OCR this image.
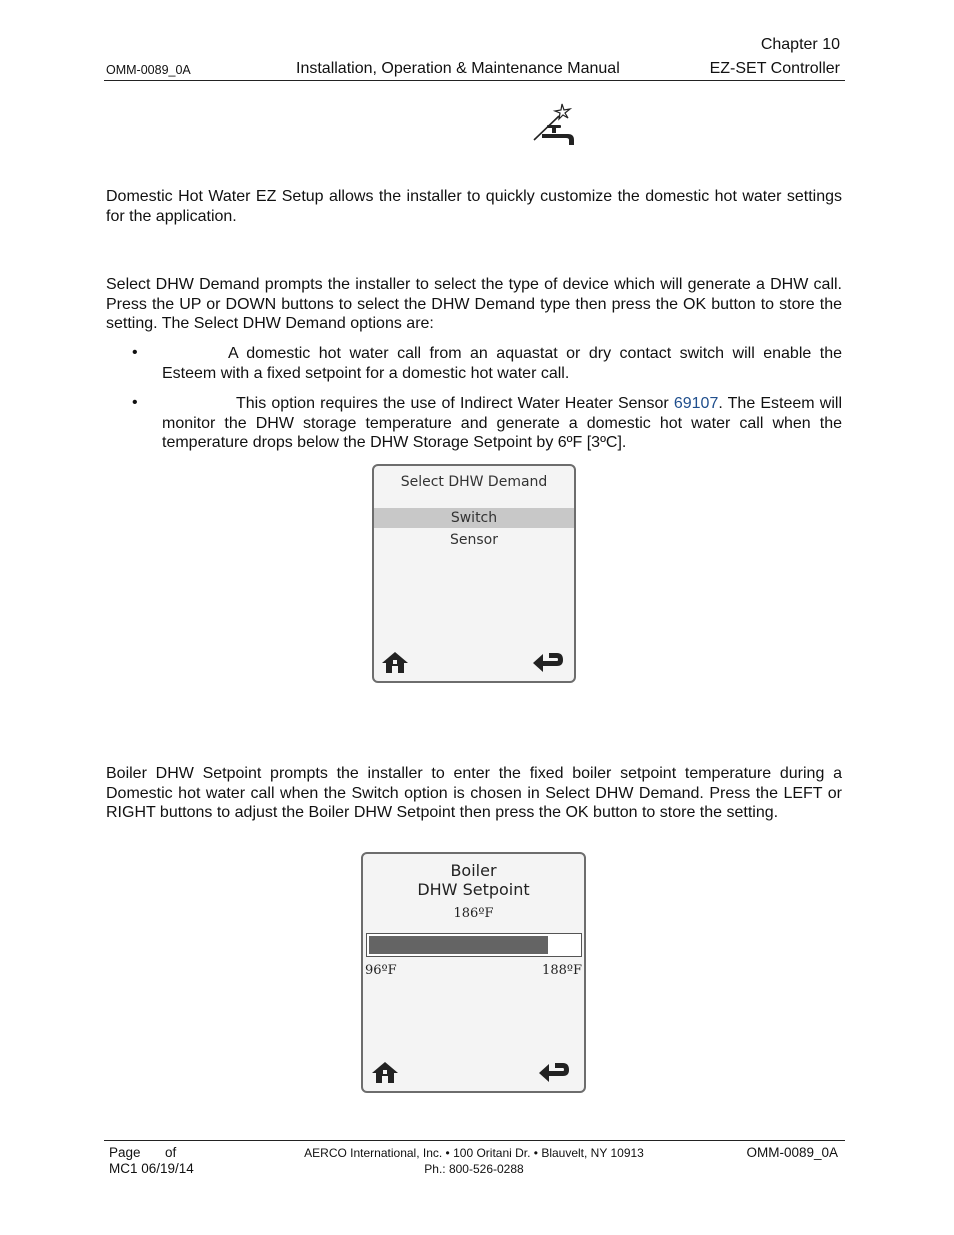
Chapter 10
OMM-0089_0A	Installation, Operation & Maintenance Manual	EZ-SET Controller
Domestic Hot Water EZ Setup allows the installer to quickly customize the domestic hot water settings for the application.
Select DHW Demand prompts the installer to select the type of device which will generate a DHW call. Press the UP or DOWN buttons to select the DHW Demand type then press the OK button to store the setting. The Select DHW Demand options are:
•	A domestic hot water call from an aquastat or dry contact switch will enable the Esteem with a fixed setpoint for a domestic hot water call.
•	This option requires the use of Indirect Water Heater Sensor 69107. The Esteem will monitor the DHW storage temperature and generate a domestic hot water call when the temperature drops below the DHW Storage Setpoint by 6ºF [3ºC].
Select DHW Demand
Switch
Sensor
Boiler DHW Setpoint prompts the installer to enter the fixed boiler setpoint temperature during a Domestic hot water call when the Switch option is chosen in Select DHW Demand. Press the LEFT or RIGHT buttons to adjust the Boiler DHW Setpoint then press the OK button to store the setting.
Boiler
DHW Setpoint
186ºF
96ºF	188ºF
Page of
MC1 06/19/14
AERCO International, Inc. • 100 Oritani Dr. • Blauvelt, NY 10913
Ph.: 800-526-0288
OMM-0089_0A
